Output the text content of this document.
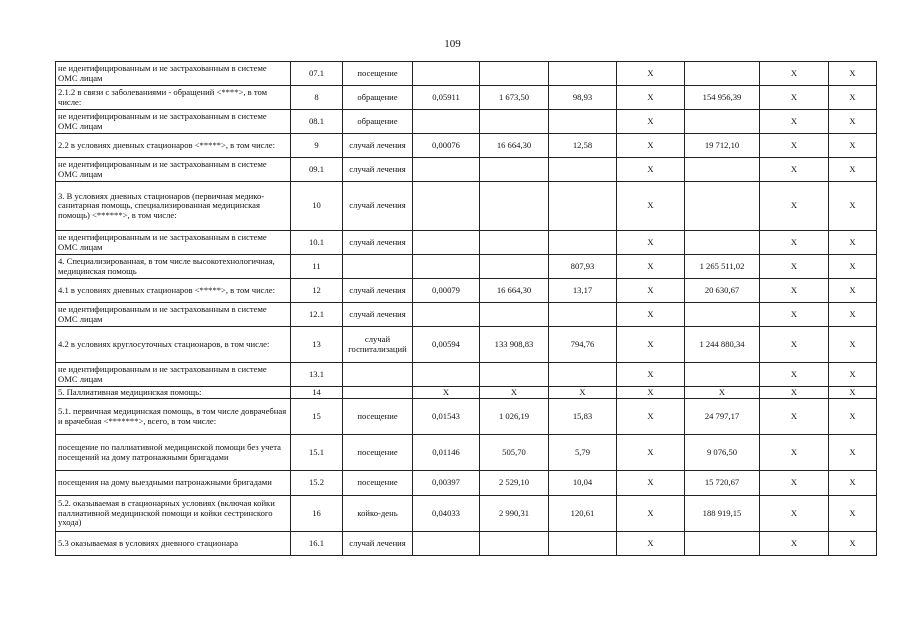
109
не идентифицированным и не застрахованным в системе ОМС лицам	07.1	посещение				Х		Х	Х
2.1.2 в связи с заболеваниями - обращений <****>, в том числе:	8	обращение	0,05911	1 673,50	98,93	Х	154 956,39	Х	Х
не идентифицированным и не застрахованным в системе ОМС лицам	08.1	обращение				Х		Х	Х
2.2 в условиях дневных стационаров <*****>, в том числе:	9	случай лечения	0,00076	16 664,30	12,58	Х	19 712,10	Х	Х
не идентифицированным и не застрахованным в системе ОМС лицам	09.1	случай лечения				Х		Х	Х
3. В условиях дневных стационаров (первичная медико-санитарная помощь, специализированная медицинская помощь) <******>, в том числе:	10	случай лечения				Х		Х	Х
не идентифицированным и не застрахованным в системе ОМС лицам	10.1	случай лечения				Х		Х	Х
4. Специализированная, в том числе высокотехнологичная, медицинская помощь	11				807,93	Х	1 265 511,02	Х	Х
4.1 в условиях дневных стационаров <*****>, в том числе:	12	случай лечения	0,00079	16 664,30	13,17	Х	20 630,67	Х	Х
не идентифицированным и не застрахованным в системе ОМС лицам	12.1	случай лечения				Х		Х	Х
4.2 в условиях круглосуточных стационаров, в том числе:	13	случай госпитализаций	0,00594	133 908,83	794,76	Х	1 244 880,34	Х	Х
не идентифицированным и не застрахованным в системе ОМС лицам	13.1					Х		Х	Х
5. Паллиативная медицинская помощь:	14		Х	Х	Х	Х	Х	Х	Х
5.1. первичная медицинская помощь, в том числе доврачебная и врачебная <*******>, всего, в том числе:	15	посещение	0,01543	1 026,19	15,83	Х	24 797,17	Х	Х
посещение по паллиативной медицинской помощи без учета посещений на дому патронажными бригадами	15.1	посещение	0,01146	505,70	5,79	Х	9 076,50	Х	Х
посещения на дому выездными патронажными бригадами	15.2	посещение	0,00397	2 529,10	10,04	Х	15 720,67	Х	Х
5.2. оказываемая в стационарных условиях (включая койки паллиативной медицинской помощи и койки сестринского ухода)	16	койко-день	0,04033	2 990,31	120,61	Х	188 919,15	Х	Х
5.3 оказываемая в условиях дневного стационара	16.1	случай лечения				Х		Х	Х
